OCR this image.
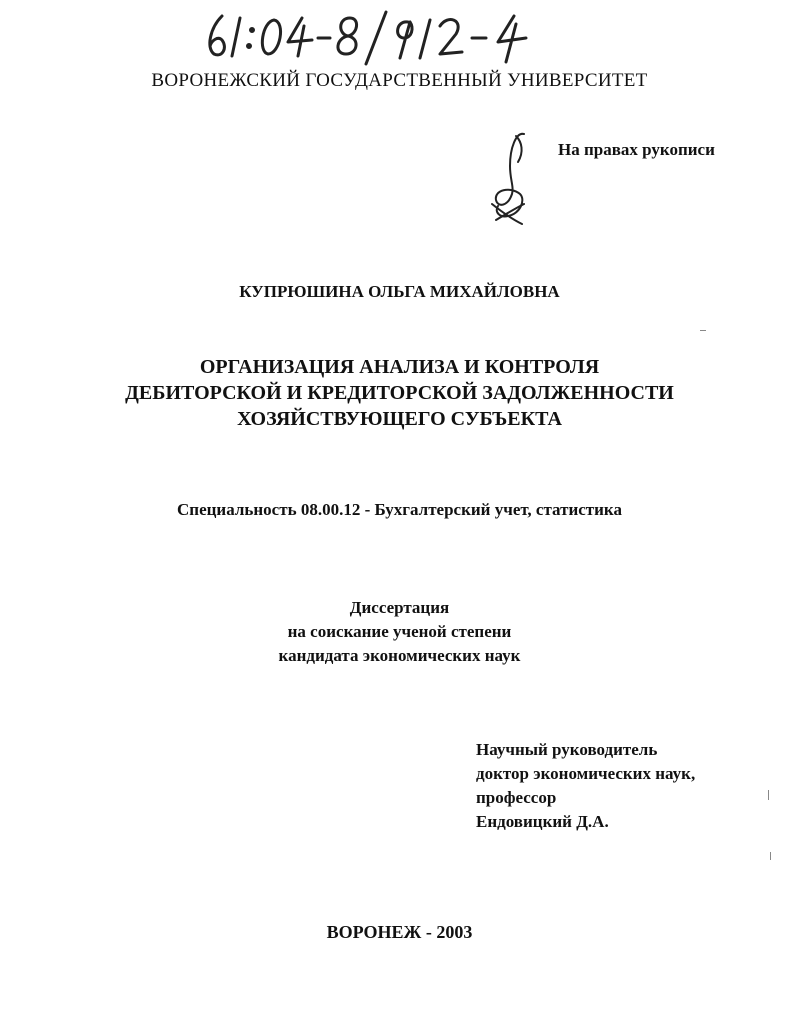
ВОРОНЕЖСКИЙ ГОСУДАРСТВЕННЫЙ УНИВЕРСИТЕТ
На правах рукописи
КУПРЮШИНА ОЛЬГА МИХАЙЛОВНА
ОРГАНИЗАЦИЯ АНАЛИЗА И КОНТРОЛЯ
ДЕБИТОРСКОЙ И КРЕДИТОРСКОЙ ЗАДОЛЖЕННОСТИ
ХОЗЯЙСТВУЮЩЕГО СУБЪЕКТА
Специальность 08.00.12 - Бухгалтерский учет, статистика
Диссертация
на соискание ученой степени
кандидата экономических наук
Научный руководитель
доктор экономических наук,
профессор
Ендовицкий Д.А.
ВОРОНЕЖ - 2003
